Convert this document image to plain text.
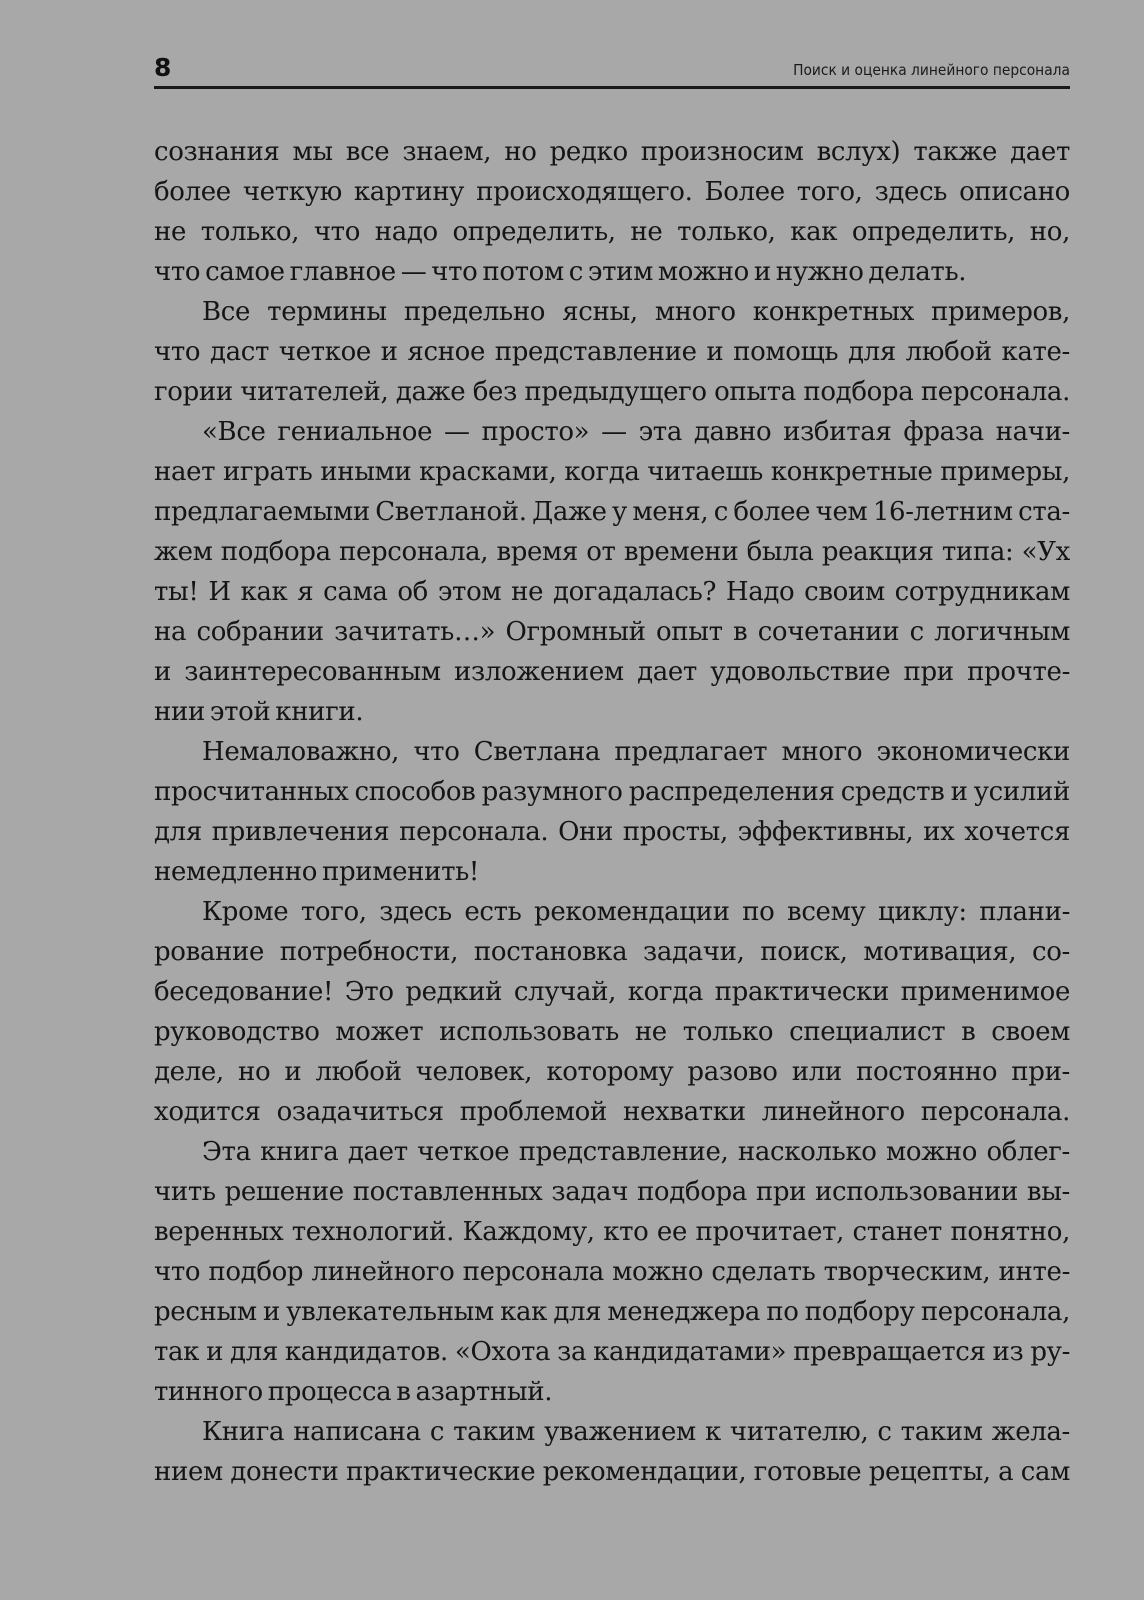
8	Поиск и оценка линейного персонала
сознания мы все знаем, но редко произносим вслух) также дает
более четкую картину происходящего. Более того, здесь описано
не только, что надо определить, не только, как определить, но,
что самое главное — что потом с этим можно и нужно делать.
Все термины предельно ясны, много конкретных примеров,
что даст четкое и ясное представление и помощь для любой кате-
гории читателей, даже без предыдущего опыта подбора персонала.
«Все гениальное — просто» — эта давно избитая фраза начи-
нает играть иными красками, когда читаешь конкретные примеры,
предлагаемыми Светланой. Даже у меня, с более чем 16-летним ста-
жем подбора персонала, время от времени была реакция типа: «Ух
ты! И как я сама об этом не догадалась? Надо своим сотрудникам
на собрании зачитать…» Огромный опыт в сочетании с логичным
и заинтересованным изложением дает удовольствие при прочте-
нии этой книги.
Немаловажно, что Светлана предлагает много экономически
просчитанных способов разумного распределения средств и усилий
для привлечения персонала. Они просты, эффективны, их хочется
немедленно применить!
Кроме того, здесь есть рекомендации по всему циклу: плани-
рование потребности, постановка задачи, поиск, мотивация, со-
беседование! Это редкий случай, когда практически применимое
руководство может использовать не только специалист в своем
деле, но и любой человек, которому разово или постоянно при-
ходится озадачиться проблемой нехватки линейного персонала.
Эта книга дает четкое представление, насколько можно облег-
чить решение поставленных задач подбора при использовании вы-
веренных технологий. Каждому, кто ее прочитает, станет понятно,
что подбор линейного персонала можно сделать творческим, инте-
ресным и увлекательным как для менеджера по подбору персонала,
так и для кандидатов. «Охота за кандидатами» превращается из ру-
тинного процесса в азартный.
Книга написана с таким уважением к читателю, с таким жела-
нием донести практические рекомендации, готовые рецепты, а сам
